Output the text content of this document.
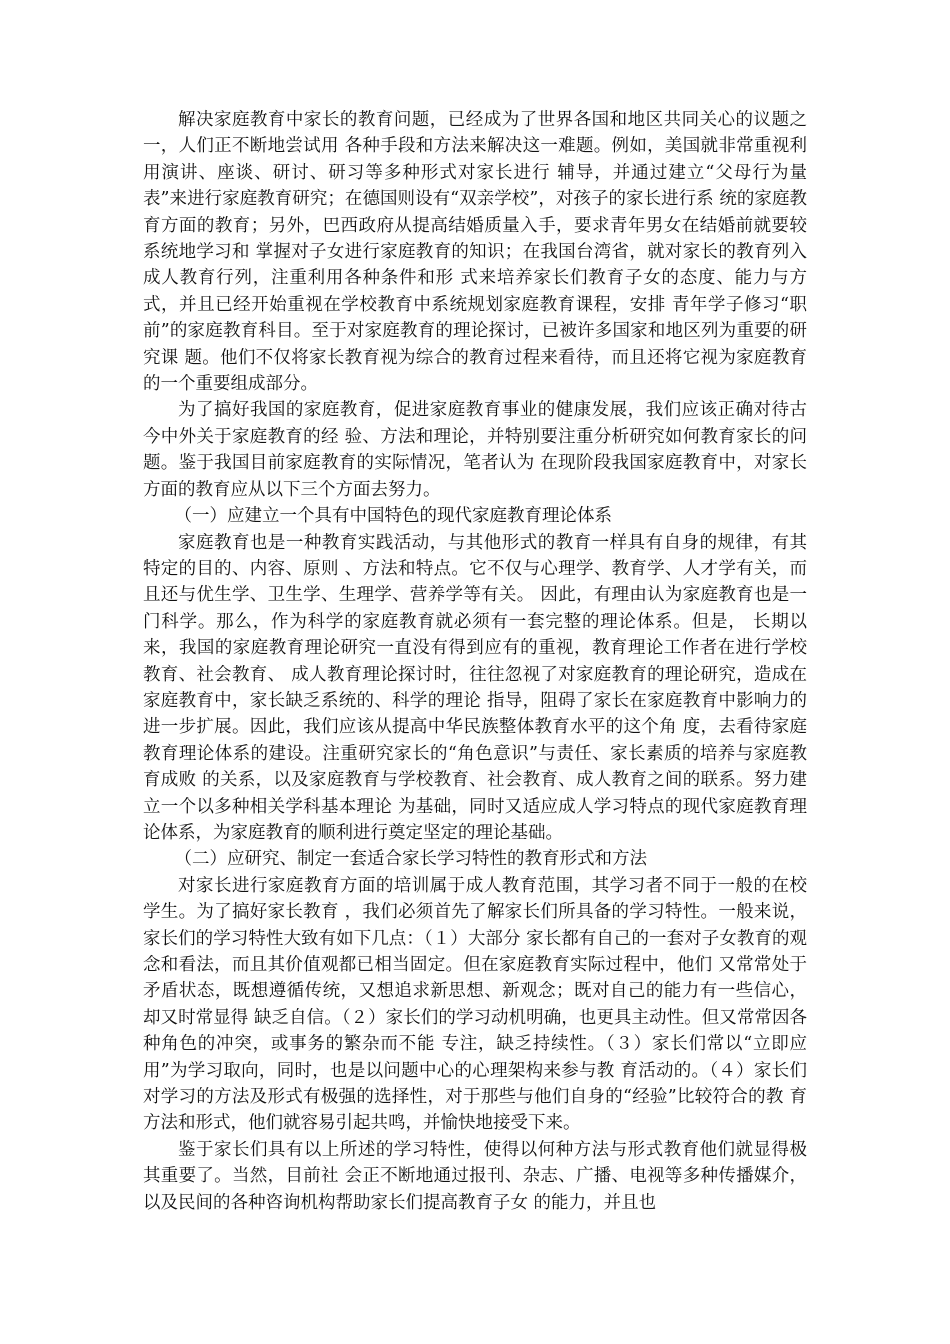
解决家庭教育中家长的教育问题，已经成为了世界各国和地区共同关心的议题之一，人们正不断地尝试用 各种手段和方法来解决这一难题。例如，美国就非常重视利用演讲、座谈、研讨、研习等多种形式对家长进行 辅导，并通过建立“父母行为量表”来进行家庭教育研究；在德国则设有“双亲学校”，对孩子的家长进行系 统的家庭教育方面的教育；另外，巴西政府从提高结婚质量入手，要求青年男女在结婚前就要较系统地学习和 掌握对子女进行家庭教育的知识；在我国台湾省，就对家长的教育列入成人教育行列，注重利用各种条件和形 式来培养家长们教育子女的态度、能力与方式，并且已经开始重视在学校教育中系统规划家庭教育课程，安排 青年学子修习“职前”的家庭教育科目。至于对家庭教育的理论探讨，已被许多国家和地区列为重要的研究课 题。他们不仅将家长教育视为综合的教育过程来看待，而且还将它视为家庭教育的一个重要组成部分。

为了搞好我国的家庭教育，促进家庭教育事业的健康发展，我们应该正确对待古今中外关于家庭教育的经 验、方法和理论，并特别要注重分析研究如何教育家长的问题。鉴于我国目前家庭教育的实际情况，笔者认为 在现阶段我国家庭教育中，对家长方面的教育应从以下三个方面去努力。

（一）应建立一个具有中国特色的现代家庭教育理论体系

家庭教育也是一种教育实践活动，与其他形式的教育一样具有自身的规律，有其特定的目的、内容、原则 、方法和特点。它不仅与心理学、教育学、人才学有关，而且还与优生学、卫生学、生理学、营养学等有关。 因此，有理由认为家庭教育也是一门科学。那么，作为科学的家庭教育就必须有一套完整的理论体系。但是， 长期以来，我国的家庭教育理论研究一直没有得到应有的重视，教育理论工作者在进行学校教育、社会教育、 成人教育理论探讨时，往往忽视了对家庭教育的理论研究，造成在家庭教育中，家长缺乏系统的、科学的理论 指导，阻碍了家长在家庭教育中影响力的进一步扩展。因此，我们应该从提高中华民族整体教育水平的这个角 度，去看待家庭教育理论体系的建设。注重研究家长的“角色意识”与责任、家长素质的培养与家庭教育成败 的关系，以及家庭教育与学校教育、社会教育、成人教育之间的联系。努力建立一个以多种相关学科基本理论 为基础，同时又适应成人学习特点的现代家庭教育理论体系，为家庭教育的顺利进行奠定坚定的理论基础。

（二）应研究、制定一套适合家长学习特性的教育形式和方法

对家长进行家庭教育方面的培训属于成人教育范围，其学习者不同于一般的在校学生。为了搞好家长教育 ，我们必须首先了解家长们所具备的学习特性。一般来说，家长们的学习特性大致有如下几点：（１）大部分 家长都有自己的一套对子女教育的观念和看法，而且其价值观都已相当固定。但在家庭教育实际过程中，他们 又常常处于矛盾状态，既想遵循传统，又想追求新思想、新观念；既对自己的能力有一些信心，却又时常显得 缺乏自信。（２）家长们的学习动机明确，也更具主动性。但又常常因各种角色的冲突，或事务的繁杂而不能 专注，缺乏持续性。（３）家长们常以“立即应用”为学习取向，同时，也是以问题中心的心理架构来参与教 育活动的。（４）家长们对学习的方法及形式有极强的选择性，对于那些与他们自身的“经验”比较符合的教 育方法和形式，他们就容易引起共鸣，并愉快地接受下来。

鉴于家长们具有以上所述的学习特性，使得以何种方法与形式教育他们就显得极其重要了。当然，目前社 会正不断地通过报刊、杂志、广播、电视等多种传播媒介，以及民间的各种咨询机构帮助家长们提高教育子女 的能力，并且也
